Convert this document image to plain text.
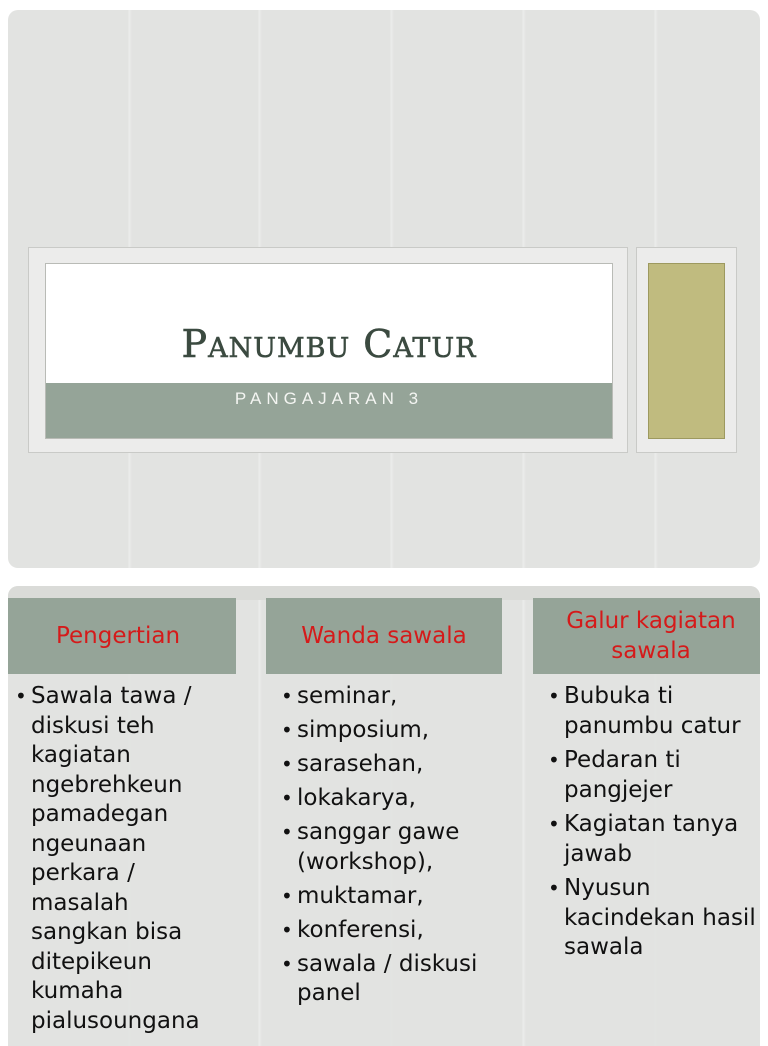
Panumbu Catur
PANGAJARAN 3
Pengertian
• Sawala tawa / diskusi teh kagiatan ngebrehkeun pamadegan ngeunaan perkara / masalah sangkan bisa ditepikeun kumaha pialusoungana
Wanda sawala
• seminar,
• simposium,
• sarasehan,
• lokakarya,
• sanggar gawe (workshop),
• muktamar,
• konferensi,
• sawala / diskusi panel
Galur kagiatan sawala
• Bubuka ti panumbu catur
• Pedaran ti pangjejer
• Kagiatan tanya jawab
• Nyusun kacindekan hasil sawala
